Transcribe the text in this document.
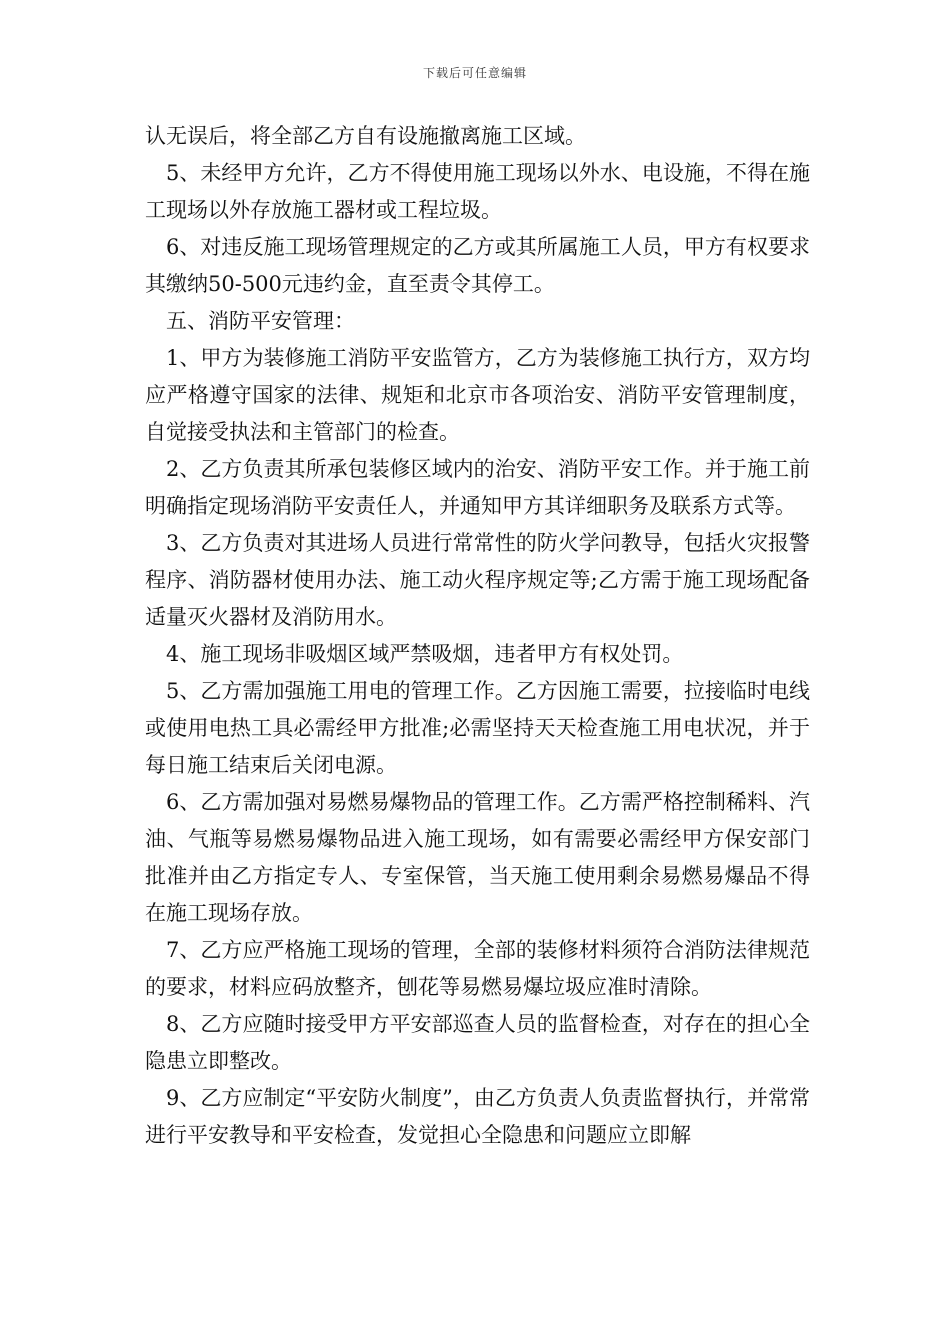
下载后可任意编辑

认无误后，将全部乙方自有设施撤离施工区域。

5、未经甲方允许，乙方不得使用施工现场以外水、电设施，不得在施工现场以外存放施工器材或工程垃圾。

6、对违反施工现场管理规定的乙方或其所属施工人员，甲方有权要求其缴纳50-500元违约金，直至责令其停工。

五、消防平安管理：

1、甲方为装修施工消防平安监管方，乙方为装修施工执行方，双方均应严格遵守国家的法律、规矩和北京市各项治安、消防平安管理制度，自觉接受执法和主管部门的检查。

2、乙方负责其所承包装修区域内的治安、消防平安工作。并于施工前明确指定现场消防平安责任人，并通知甲方其详细职务及联系方式等。

3、乙方负责对其进场人员进行常常性的防火学问教导，包括火灾报警程序、消防器材使用办法、施工动火程序规定等;乙方需于施工现场配备适量灭火器材及消防用水。

4、施工现场非吸烟区域严禁吸烟，违者甲方有权处罚。

5、乙方需加强施工用电的管理工作。乙方因施工需要，拉接临时电线或使用电热工具必需经甲方批准;必需坚持天天检查施工用电状况，并于每日施工结束后关闭电源。

6、乙方需加强对易燃易爆物品的管理工作。乙方需严格控制稀料、汽油、气瓶等易燃易爆物品进入施工现场，如有需要必需经甲方保安部门批准并由乙方指定专人、专室保管，当天施工使用剩余易燃易爆品不得在施工现场存放。

7、乙方应严格施工现场的管理，全部的装修材料须符合消防法律规范的要求，材料应码放整齐，刨花等易燃易爆垃圾应准时清除。

8、乙方应随时接受甲方平安部巡查人员的监督检查，对存在的担心全隐患立即整改。

9、乙方应制定“平安防火制度”，由乙方负责人负责监督执行，并常常进行平安教导和平安检查，发觉担心全隐患和问题应立即解
